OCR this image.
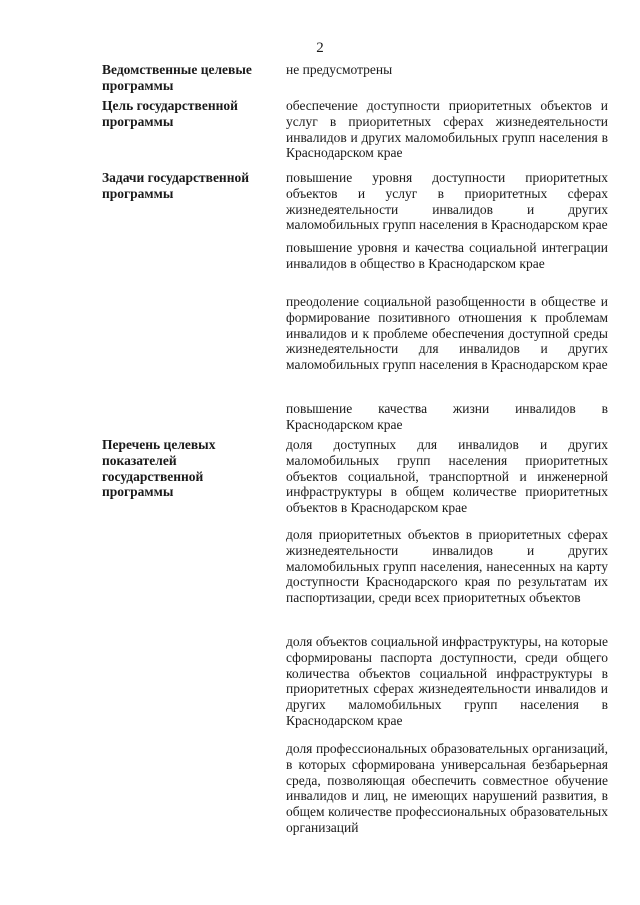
2
Ведомственные целевые программы
не предусмотрены
Цель государственной программы
обеспечение доступности приоритетных объектов и услуг в приоритетных сферах жизнедеятельности инвалидов и других маломобильных групп населения в Краснодарском крае
Задачи государственной программы
повышение уровня доступности приоритетных объектов и услуг в приоритетных сферах жизнедеятельности инвалидов и других маломобильных групп населения в Краснодарском крае
повышение уровня и качества социальной интеграции инвалидов в общество в Краснодарском крае
преодоление социальной разобщенности в обществе и формирование позитивного отношения к проблемам инвалидов и к проблеме обеспечения доступной среды жизнедеятельности для инвалидов и других маломобильных групп населения в Краснодарском крае
повышение качества жизни инвалидов в Краснодарском крае
Перечень целевых показателей государственной программы
доля доступных для инвалидов и других маломобильных групп населения приоритетных объектов социальной, транспортной и инженерной инфраструктуры в общем количестве приоритетных объектов в Краснодарском крае
доля приоритетных объектов в приоритетных сферах жизнедеятельности инвалидов и других маломобильных групп населения, нанесенных на карту доступности Краснодарского края по результатам их паспортизации, среди всех приоритетных объектов
доля объектов социальной инфраструктуры, на которые сформированы паспорта доступности, среди общего количества объектов социальной инфраструктуры в приоритетных сферах жизнедеятельности инвалидов и других маломобильных групп населения в Краснодарском крае
доля профессиональных образовательных организаций, в которых сформирована универсальная безбарьерная среда, позволяющая обеспечить совместное обучение инвалидов и лиц, не имеющих нарушений развития, в общем количестве профессиональных образовательных организаций
